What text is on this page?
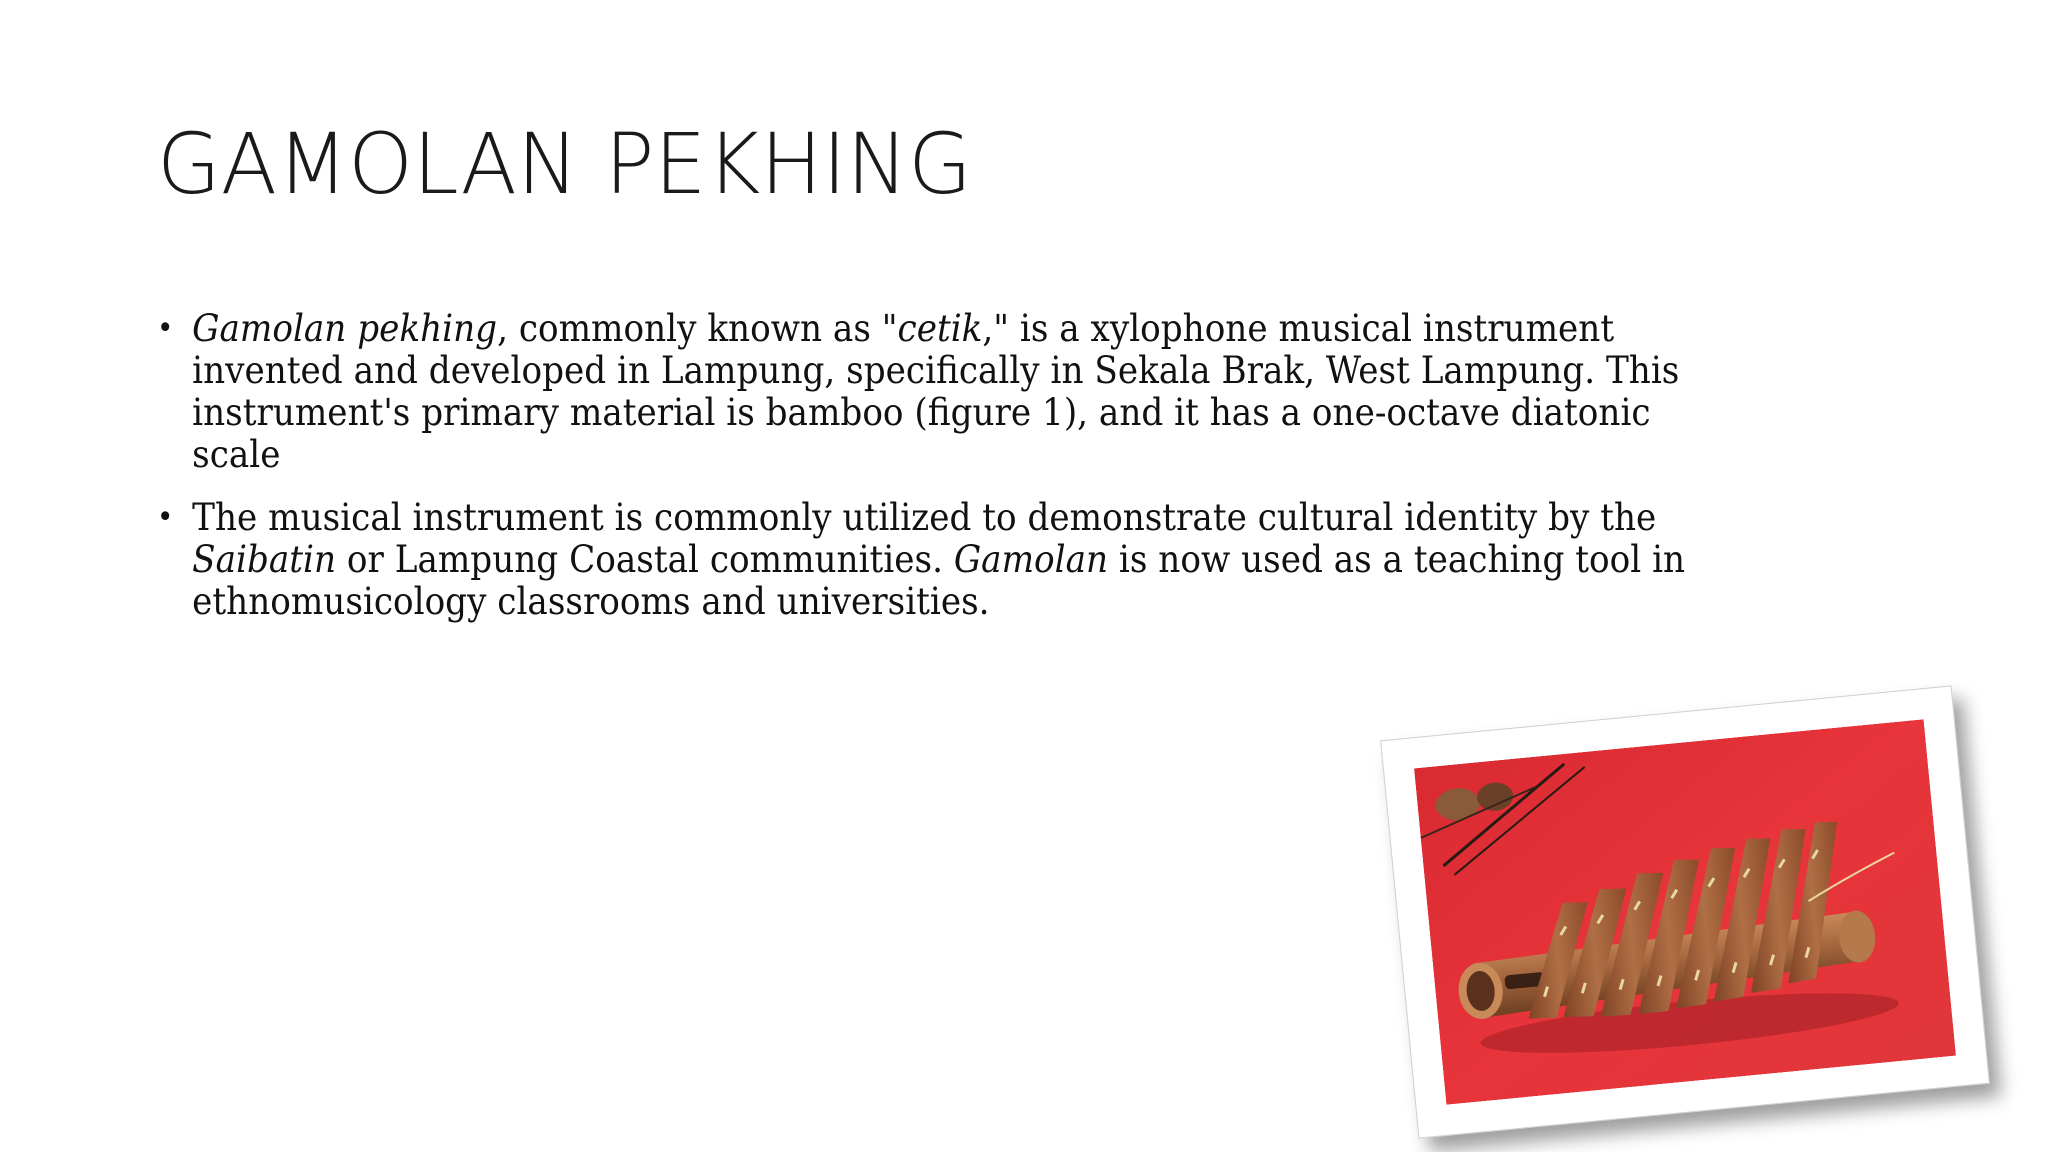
GAMOLAN PEKHING
• Gamolan pekhing, commonly known as "cetik," is a xylophone musical instrument invented and developed in Lampung, specifically in Sekala Brak, West Lampung. This instrument's primary material is bamboo (figure 1), and it has a one-octave diatonic scale
• The musical instrument is commonly utilized to demonstrate cultural identity by the Saibatin or Lampung Coastal communities. Gamolan is now used as a teaching tool in ethnomusicology classrooms and universities.
